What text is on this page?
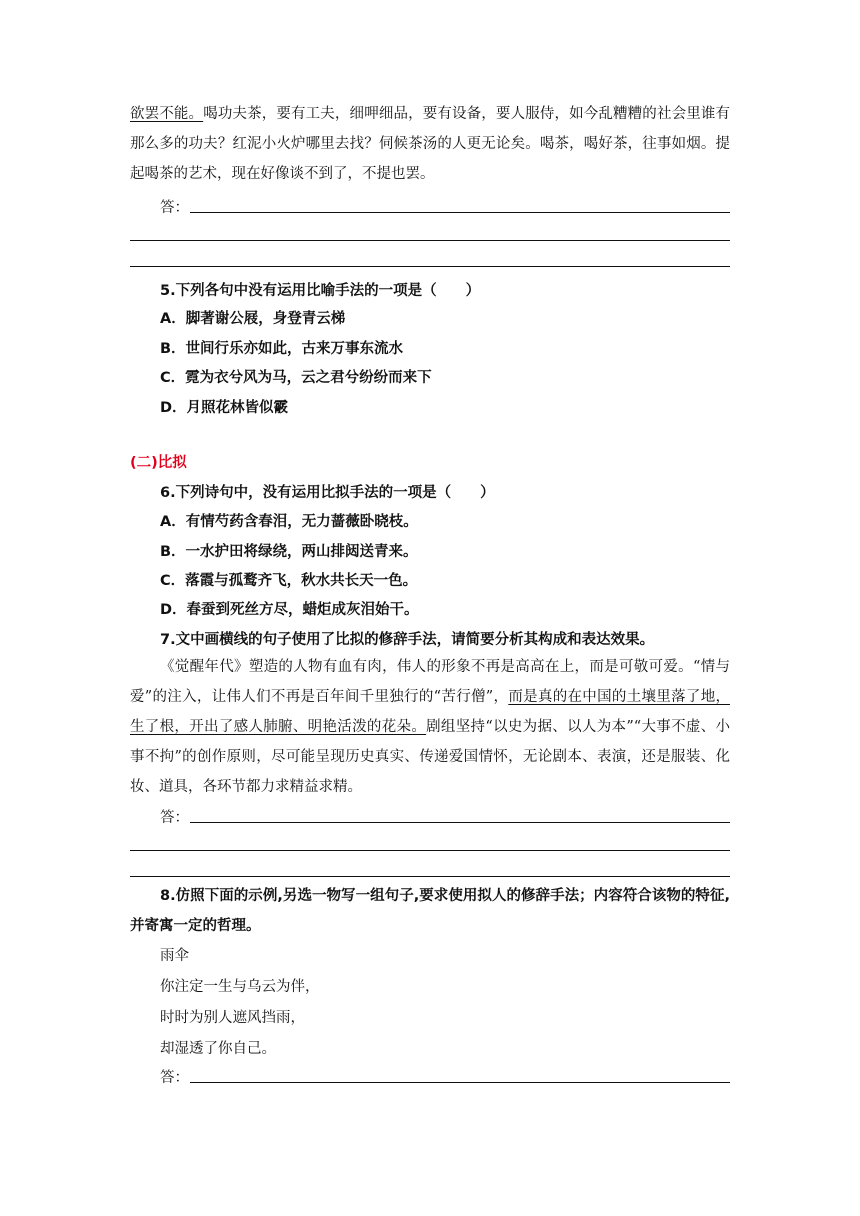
欲罢不能。喝功夫茶，要有工夫，细呷细品，要有设备，要人服侍，如今乱糟糟的社会里谁有那么多的功夫？红泥小火炉哪里去找？伺候茶汤的人更无论矣。喝茶，喝好茶，往事如烟。提起喝茶的艺术，现在好像谈不到了，不提也罢。
答：
5.下列各句中没有运用比喻手法的一项是（　　）
A．脚著谢公屐，身登青云梯
B．世间行乐亦如此，古来万事东流水
C．霓为衣兮风为马，云之君兮纷纷而来下
D．月照花林皆似霰
(二)比拟
6.下列诗句中，没有运用比拟手法的一项是（　　）
A．有情芍药含春泪，无力蔷薇卧晓枝。
B．一水护田将绿绕，两山排闼送青来。
C．落霞与孤鹜齐飞，秋水共长天一色。
D．春蚕到死丝方尽，蜡炬成灰泪始干。
7.文中画横线的句子使用了比拟的修辞手法，请简要分析其构成和表达效果。
《觉醒年代》塑造的人物有血有肉，伟人的形象不再是高高在上，而是可敬可爱。“情与爱”的注入，让伟人们不再是百年间千里独行的“苦行僧”，而是真的在中国的土壤里落了地，生了根，开出了感人肺腑、明艳活泼的花朵。剧组坚持“以史为据、以人为本”“大事不虚、小事不拘”的创作原则，尽可能呈现历史真实、传递爱国情怀，无论剧本、表演，还是服装、化妆、道具，各环节都力求精益求精。
答：
8.仿照下面的示例,另选一物写一组句子,要求使用拟人的修辞手法；内容符合该物的特征,并寄寓一定的哲理。
雨伞
你注定一生与乌云为伴，
时时为别人遮风挡雨，
却湿透了你自己。
答：
